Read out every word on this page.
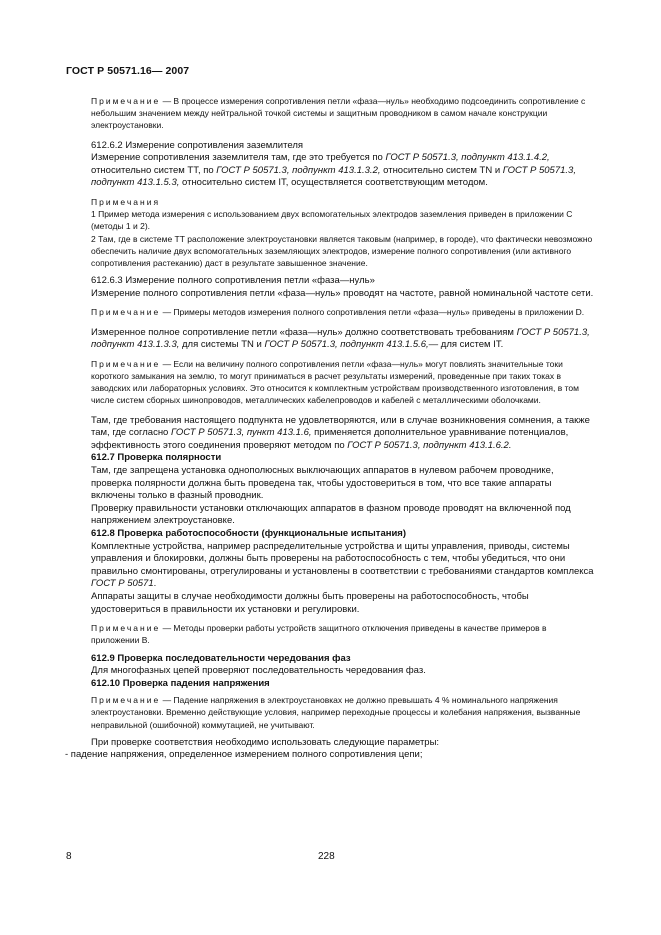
ГОСТ Р 50571.16— 2007

Примечание — В процессе измерения сопротивления петли «фаза—нуль» необходимо подсоединить сопротивление с небольшим значением между нейтральной точкой системы и защитным проводником в самом начале конструкции электроустановки.

612.6.2 Измерение сопротивления заземлителя

Измерение сопротивления заземлителя там, где это требуется по ГОСТ Р 50571.3, подпункт 413.1.4.2, относительно систем ТТ, по ГОСТ Р 50571.3, подпункт 413.1.3.2, относительно систем TN и ГОСТ Р 50571.3, подпункт 413.1.5.3, относительно систем IT, осуществляется соответствующим методом.

Примечания

1 Пример метода измерения с использованием двух вспомогательных электродов заземления приведен в приложении С (методы 1 и 2).

2 Там, где в системе ТТ расположение электроустановки является таковым (например, в городе), что фактически невозможно обеспечить наличие двух вспомогательных заземляющих электродов, измерение полного сопротивления (или активного сопротивления растеканию) даст в результате завышенное значение.

612.6.3 Измерение полного сопротивления петли «фаза—нуль»

Измерение полного сопротивления петли «фаза—нуль» проводят на частоте, равной номинальной частоте сети.

Примечание — Примеры методов измерения полного сопротивления петли «фаза—нуль» приведены в приложении D.

Измеренное полное сопротивление петли «фаза—нуль» должно соответствовать требованиям ГОСТ Р 50571.3, подпункт 413.1.3.3, для системы TN и ГОСТ Р 50571.3, подпункт 413.1.5.6,— для систем IT.

Примечание — Если на величину полного сопротивления петли «фаза—нуль» могут повлиять значительные токи короткого замыкания на землю, то могут приниматься в расчет результаты измерений, проведенные при таких токах в заводских или лабораторных условиях. Это относится к комплектным устройствам производственного изготовления, в том числе систем сборных шинопроводов, металлических кабелепроводов и кабелей с металлическими оболочками.

Там, где требования настоящего подпункта не удовлетворяются, или в случае возникновения сомнения, а также там, где согласно ГОСТ Р 50571.3, пункт 413.1.6, применяется дополнительное уравнивание потенциалов, эффективность этого соединения проверяют методом по ГОСТ Р 50571.3, подпункт 413.1.6.2.

612.7 Проверка полярности

Там, где запрещена установка однополюсных выключающих аппаратов в нулевом рабочем проводнике, проверка полярности должна быть проведена так, чтобы удостовериться в том, что все такие аппараты включены только в фазный проводник.

Проверку правильности установки отключающих аппаратов в фазном проводе проводят на включенной под напряжением электроустановке.

612.8 Проверка работоспособности (функциональные испытания)

Комплектные устройства, например распределительные устройства и щиты управления, приводы, системы управления и блокировки, должны быть проверены на работоспособность с тем, чтобы убедиться, что они правильно смонтированы, отрегулированы и установлены в соответствии с требованиями стандартов комплекса ГОСТ Р 50571.

Аппараты защиты в случае необходимости должны быть проверены на работоспособность, чтобы удостовериться в правильности их установки и регулировки.

Примечание — Методы проверки работы устройств защитного отключения приведены в качестве примеров в приложении В.

612.9 Проверка последовательности чередования фаз

Для многофазных цепей проверяют последовательность чередования фаз.

612.10 Проверка падения напряжения

Примечание — Падение напряжения в электроустановках не должно превышать 4 % номинального напряжения электроустановки. Временно действующие условия, например переходные процессы и колебания напряжения, вызванные неправильной (ошибочной) коммутацией, не учитывают.

При проверке соответствия необходимо использовать следующие параметры:

- падение напряжения, определенное измерением полного сопротивления цепи;

8	228
